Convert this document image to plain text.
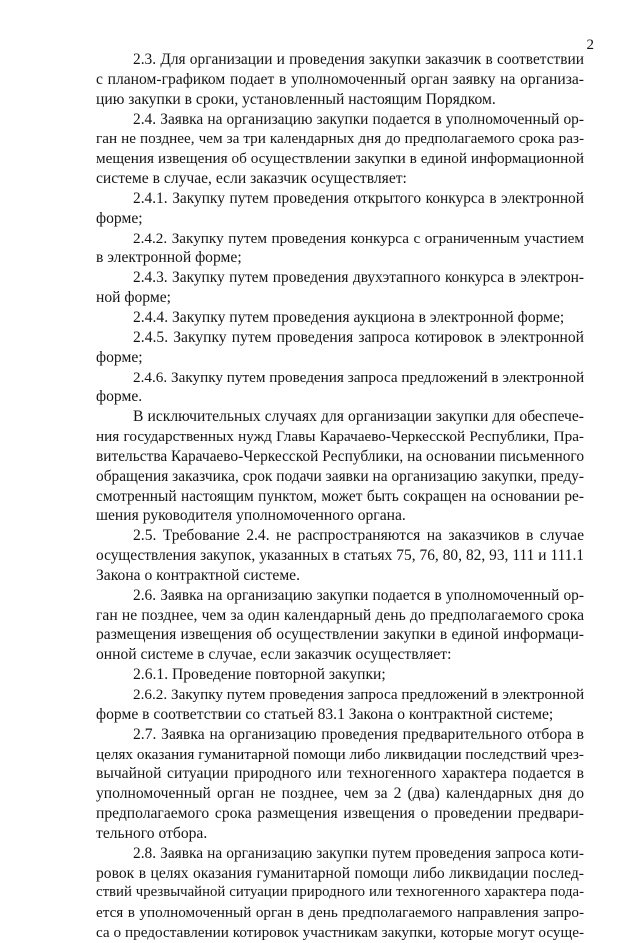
2
2.3. Для организации и проведения закупки заказчик в соответствии
с планом-графиком подает в уполномоченный орган заявку на организа-
цию закупки в сроки, установленный настоящим Порядком.
2.4. Заявка на организацию закупки подается в уполномоченный ор-
ган не позднее, чем за три календарных дня до предполагаемого срока раз-
мещения извещения об осуществлении закупки в единой информационной
системе в случае, если заказчик осуществляет:
2.4.1. Закупку путем проведения открытого конкурса в электронной
форме;
2.4.2. Закупку путем проведения конкурса с ограниченным участием
в электронной форме;
2.4.3. Закупку путем проведения двухэтапного конкурса в электрон-
ной форме;
2.4.4. Закупку путем проведения аукциона в электронной форме;
2.4.5. Закупку путем проведения запроса котировок в электронной
форме;
2.4.6. Закупку путем проведения запроса предложений в электронной
форме.
В исключительных случаях для организации закупки для обеспече-
ния государственных нужд Главы Карачаево-Черкесской Республики, Пра-
вительства Карачаево-Черкесской Республики, на основании письменного
обращения заказчика, срок подачи заявки на организацию закупки, преду-
смотренный настоящим пунктом, может быть сокращен на основании ре-
шения руководителя уполномоченного органа.
2.5. Требование 2.4. не распространяются на заказчиков в случае
осуществления закупок, указанных в статьях 75, 76, 80, 82, 93, 111 и 111.1
Закона о контрактной системе.
2.6. Заявка на организацию закупки подается в уполномоченный ор-
ган не позднее, чем за один календарный день до предполагаемого срока
размещения извещения об осуществлении закупки в единой информаци-
онной системе в случае, если заказчик осуществляет:
2.6.1. Проведение повторной закупки;
2.6.2. Закупку путем проведения запроса предложений в электронной
форме в соответствии со статьей 83.1 Закона о контрактной системе;
2.7. Заявка на организацию проведения предварительного отбора в
целях оказания гуманитарной помощи либо ликвидации последствий чрез-
вычайной ситуации природного или техногенного характера подается в
уполномоченный орган не позднее, чем за 2 (два) календарных дня до
предполагаемого срока размещения извещения о проведении предвари-
тельного отбора.
2.8. Заявка на организацию закупки путем проведения запроса коти-
ровок в целях оказания гуманитарной помощи либо ликвидации послед-
ствий чрезвычайной ситуации природного или техногенного характера пода-
ется в уполномоченный орган в день предполагаемого направления запро-
са о предоставлении котировок участникам закупки, которые могут осуще-
